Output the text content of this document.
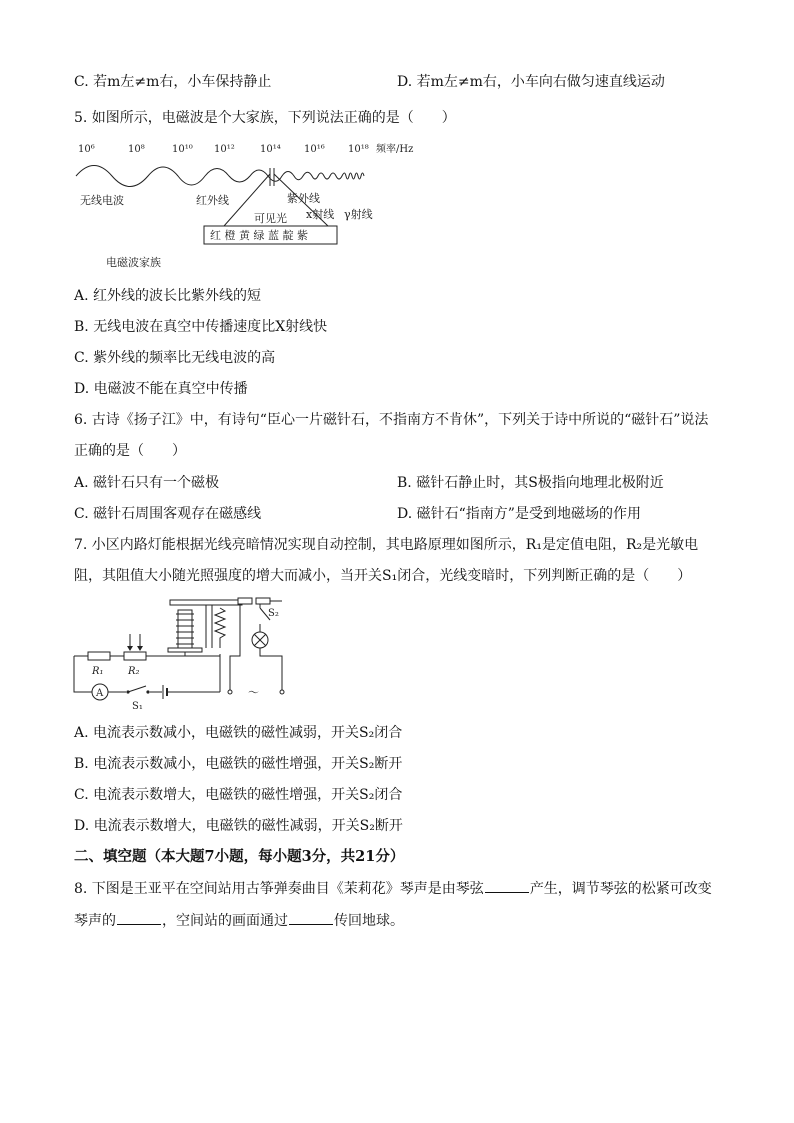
C. 若m左≠m右，小车保持静止	D. 若m左≠m右，小车向右做匀速直线运动
5. 如图所示，电磁波是个大家族，下列说法正确的是（　　）
10⁶	10⁸	10¹⁰ 10¹²	10¹⁴ 10¹⁶ 10¹⁸ 频率/Hz
红 橙 黄 绿 蓝 靛 紫
无线电波	红外线	紫外线
可见光 x射线 γ射线
电磁波家族
A. 红外线的波长比紫外线的短
B. 无线电波在真空中传播速度比X射线快
C. 紫外线的频率比无线电波的高
D. 电磁波不能在真空中传播
6. 古诗《扬子江》中，有诗句“臣心一片磁针石，不指南方不肯休”，下列关于诗中所说的“磁针石”说法
正确的是（　　）
A. 磁针石只有一个磁极	B. 磁针石静止时，其S极指向地理北极附近
C. 磁针石周围客观存在磁感线	D. 磁针石“指南方”是受到地磁场的作用
7. 小区内路灯能根据光线亮暗情况实现自动控制，其电路原理如图所示，R₁是定值电阻，R₂是光敏电
阻，其阻值大小随光照强度的增大而减小，当开关S₁闭合，光线变暗时，下列判断正确的是（　　）
A
S₁
R₁ R₂
S₂
～
A. 电流表示数减小，电磁铁的磁性减弱，开关S₂闭合
B. 电流表示数减小，电磁铁的磁性增强，开关S₂断开
C. 电流表示数增大，电磁铁的磁性增强，开关S₂闭合
D. 电流表示数增大，电磁铁的磁性减弱，开关S₂断开
二、填空题（本大题7小题，每小题3分，共21分）
8. 下图是王亚平在空间站用古筝弹奏曲目《茉莉花》琴声是由琴弦	产生，调节琴弦的松紧可改变
琴声的	，空间站的画面通过	传回地球。
